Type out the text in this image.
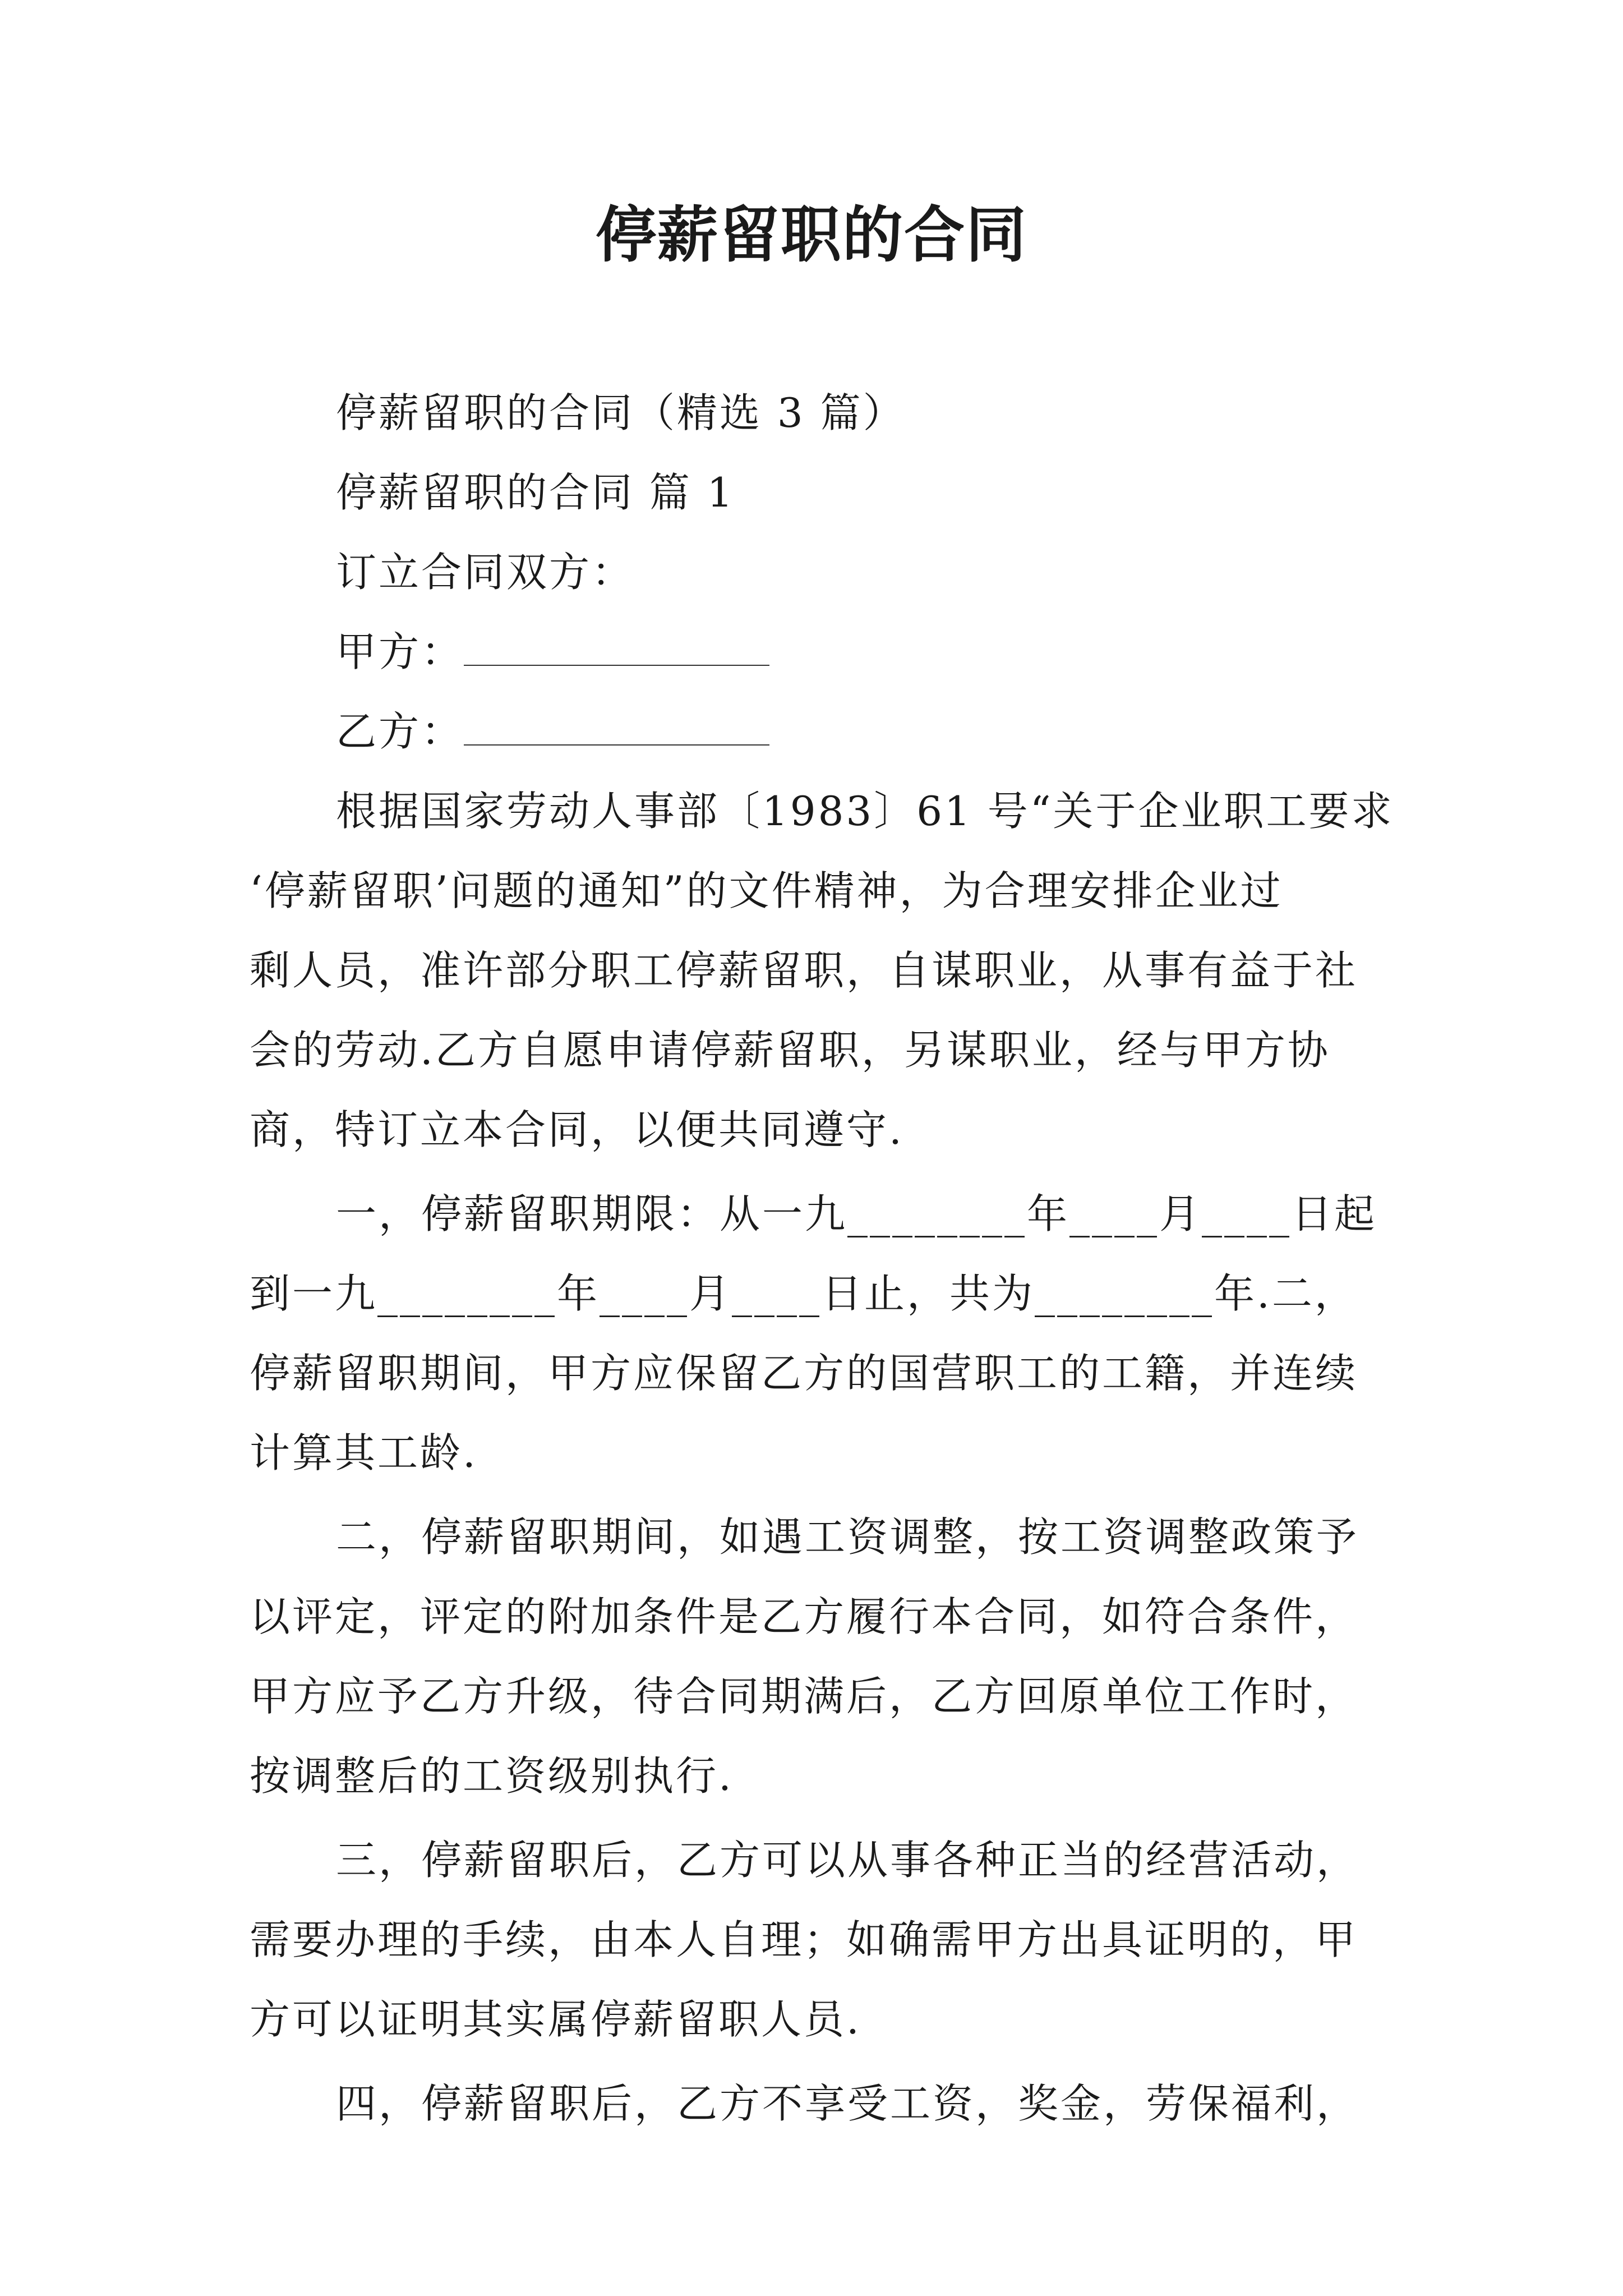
停薪留职的合同
停薪留职的合同（精选 3 篇）
停薪留职的合同 篇 1
订立合同双方：
甲方：
乙方：
根据国家劳动人事部〔1983〕61 号“关于企业职工要求
‘停薪留职’问题的通知”的文件精神，为合理安排企业过
剩人员，准许部分职工停薪留职，自谋职业，从事有益于社
会的劳动.乙方自愿申请停薪留职，另谋职业，经与甲方协
商，特订立本合同，以便共同遵守.
一，停薪留职期限：从一九________年____月____日起
到一九________年____月____日止，共为________年.二，
停薪留职期间，甲方应保留乙方的国营职工的工籍，并连续
计算其工龄.
二，停薪留职期间，如遇工资调整，按工资调整政策予
以评定，评定的附加条件是乙方履行本合同，如符合条件，
甲方应予乙方升级，待合同期满后，乙方回原单位工作时，
按调整后的工资级别执行.
三，停薪留职后，乙方可以从事各种正当的经营活动，
需要办理的手续，由本人自理；如确需甲方出具证明的，甲
方可以证明其实属停薪留职人员.
四，停薪留职后，乙方不享受工资，奖金，劳保福利，
